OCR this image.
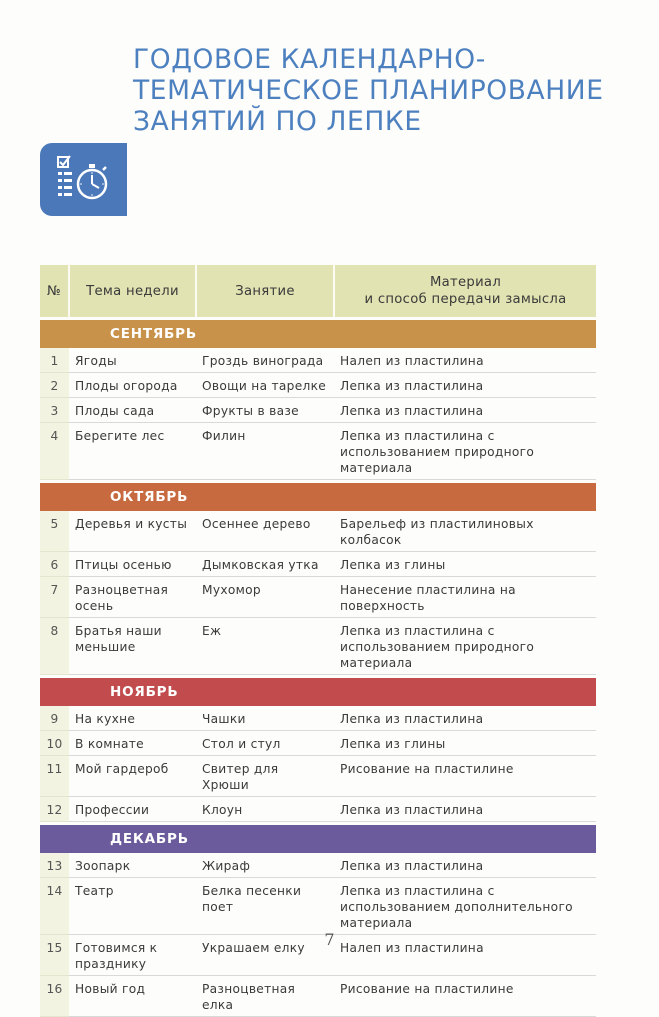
ГОДОВОЕ КАЛЕНДАРНО-
ТЕМАТИЧЕСКОЕ ПЛАНИРОВАНИЕ
ЗАНЯТИЙ ПО ЛЕПКЕ
№	Тема недели	Занятие	Материал
и способ передачи замысла

СЕНТЯБРЬ			
1	Ягоды	Гроздь винограда	Налеп из пластилина
2	Плоды огорода	Овощи на тарелке	Лепка из пластилина
3	Плоды сада	Фрукты в вазе	Лепка из пластилина
4	Берегите лес	Филин	Лепка из пластилина с использованием природного материала

ОКТЯБРЬ			
5	Деревья и кусты	Осеннее дерево	Барельеф из пластилиновых колбасок
6	Птицы осенью	Дымковская утка	Лепка из глины
7	Разноцветная осень	Мухомор	Нанесение пластилина на поверхность
8	Братья наши меньшие	Еж	Лепка из пластилина с использованием природного материала

НОЯБРЬ			
9	На кухне	Чашки	Лепка из пластилина
10	В комнате	Стол и стул	Лепка из глины
11	Мой гардероб	Свитер для Хрюши	Рисование на пластилине
12	Профессии	Клоун	Лепка из пластилина

ДЕКАБРЬ			
13	Зоопарк	Жираф	Лепка из пластилина
14	Театр	Белка песенки поет	Лепка из пластилина с использованием дополнительного материала
15	Готовимся к празднику	Украшаем елку	Налеп из пластилина
16	Новый год	Разноцветная елка	Рисование на пластилине
7
